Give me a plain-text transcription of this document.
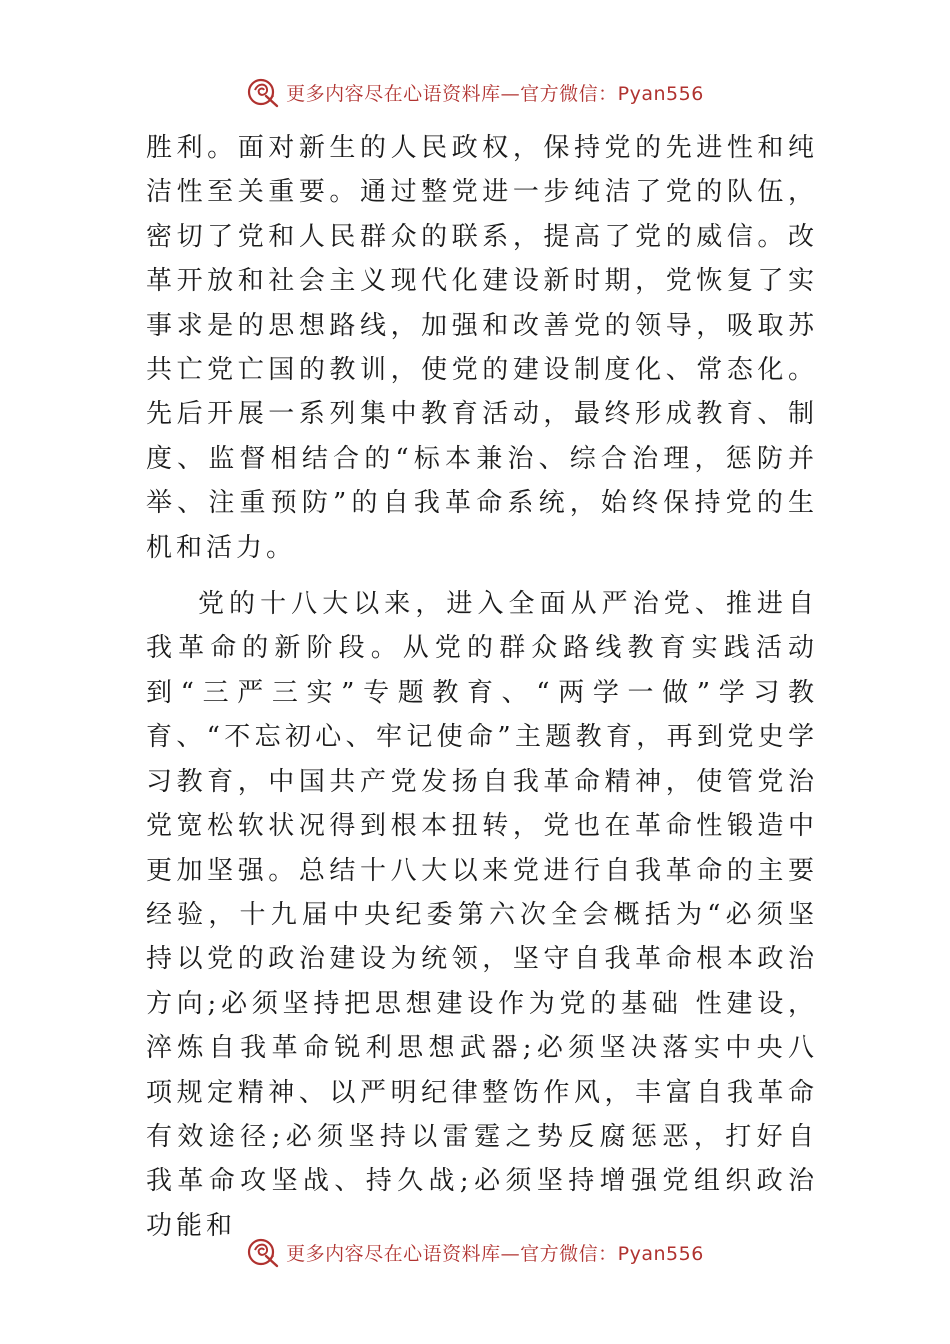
更多内容尽在心语资料库—官方微信：Pyan556

胜利。面对新生的人民政权，保持党的先进性和纯洁性至关重要。通过整党进一步纯洁了党的队伍，密切了党和人民群众的联系，提高了党的威信。改革开放和社会主义现代化建设新时期，党恢复了实事求是的思想路线，加强和改善党的领导，吸取苏共亡党亡国的教训，使党的建设制度化、常态化。先后开展一系列集中教育活动，最终形成教育、制度、监督相结合的“标本兼治、综合治理，惩防并举、注重预防”的自我革命系统，始终保持党的生机和活力。

党的十八大以来，进入全面从严治党、推进自我革命的新阶段。从党的群众路线教育实践活动到“三严三实”专题教育、“两学一做”学习教育、“不忘初心、牢记使命”主题教育，再到党史学习教育，中国共产党发扬自我革命精神，使管党治党宽松软状况得到根本扭转，党也在革命性锻造中更加坚强。总结十八大以来党进行自我革命的主要经验，十九届中央纪委第六次全会概括为“必须坚持以党的政治建设为统领，坚守自我革命根本政治方向;必须坚持把思想建设作为党的基础 性建设，淬炼自我革命锐利思想武器;必须坚决落实中央八项规定精神、以严明纪律整饬作风，丰富自我革命有效途径;必须坚持以雷霆之势反腐惩恶，打好自我革命攻坚战、持久战;必须坚持增强党组织政治功能和

更多内容尽在心语资料库—官方微信：Pyan556
